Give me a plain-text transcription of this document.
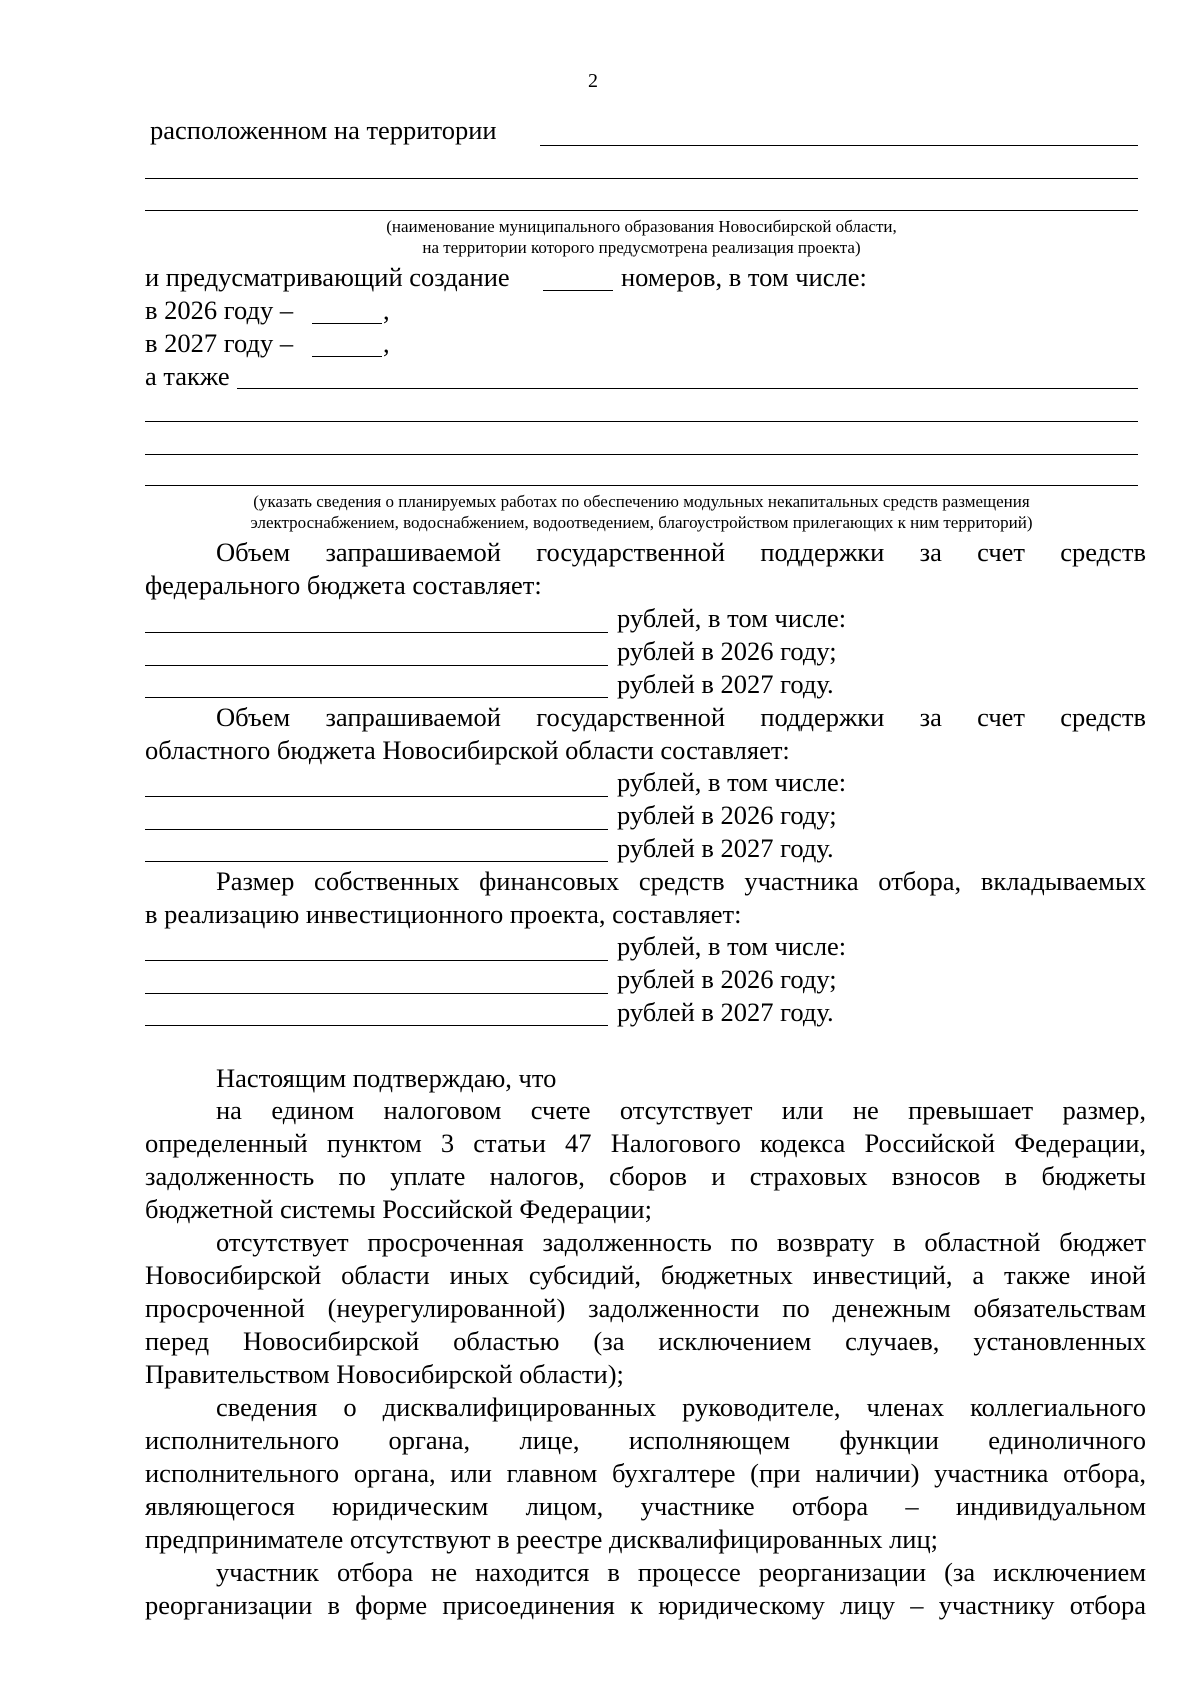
2
расположенном на территории
(наименование муниципального образования Новосибирской области,
на территории которого предусмотрена реализация проекта)
и предусматривающий создание	номеров, в том числе:
в 2026 году –	,
в 2027 году –	,
а также
(указать сведения о планируемых работах по обеспечению модульных некапитальных средств размещения
электроснабжением, водоснабжением, водоотведением, благоустройством прилегающих к ним территорий)
Объем запрашиваемой государственной поддержки за счет средств
федерального бюджета составляет:
рублей, в том числе:
рублей в 2026 году;
рублей в 2027 году.
Объем запрашиваемой государственной поддержки за счет средств
областного бюджета Новосибирской области составляет:
рублей, в том числе:
рублей в 2026 году;
рублей в 2027 году.
Размер собственных финансовых средств участника отбора, вкладываемых
в реализацию инвестиционного проекта, составляет:
рублей, в том числе:
рублей в 2026 году;
рублей в 2027 году.
Настоящим подтверждаю, что
на едином налоговом счете отсутствует или не превышает размер,
определенный пунктом 3 статьи 47 Налогового кодекса Российской Федерации,
задолженность по уплате налогов, сборов и страховых взносов в бюджеты
бюджетной системы Российской Федерации;
отсутствует просроченная задолженность по возврату в областной бюджет
Новосибирской области иных субсидий, бюджетных инвестиций, а также иной
просроченной (неурегулированной) задолженности по денежным обязательствам
перед Новосибирской областью (за исключением случаев, установленных
Правительством Новосибирской области);
сведения о дисквалифицированных руководителе, членах коллегиального
исполнительного органа, лице, исполняющем функции единоличного
исполнительного органа, или главном бухгалтере (при наличии) участника отбора,
являющегося юридическим лицом, участнике отбора – индивидуальном
предпринимателе отсутствуют в реестре дисквалифицированных лиц;
участник отбора не находится в процессе реорганизации (за исключением
реорганизации в форме присоединения к юридическому лицу – участнику отбора
